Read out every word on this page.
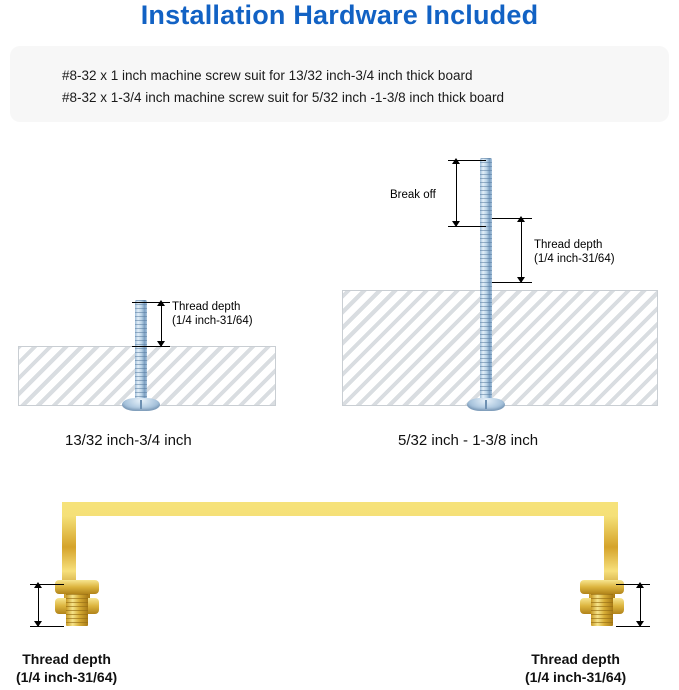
Installation Hardware Included
#8-32 x 1 inch machine screw suit for 13/32 inch-3/4 inch thick board
#8-32 x 1-3/4 inch machine screw suit for 5/32 inch -1-3/8 inch thick board
Thread depth
(1/4 inch-31/64)
13/32 inch-3/4 inch
Break off
Thread depth
(1/4 inch-31/64)
5/32 inch - 1-3/8 inch
Thread depth
(1/4 inch-31/64)
Thread depth
(1/4 inch-31/64)
